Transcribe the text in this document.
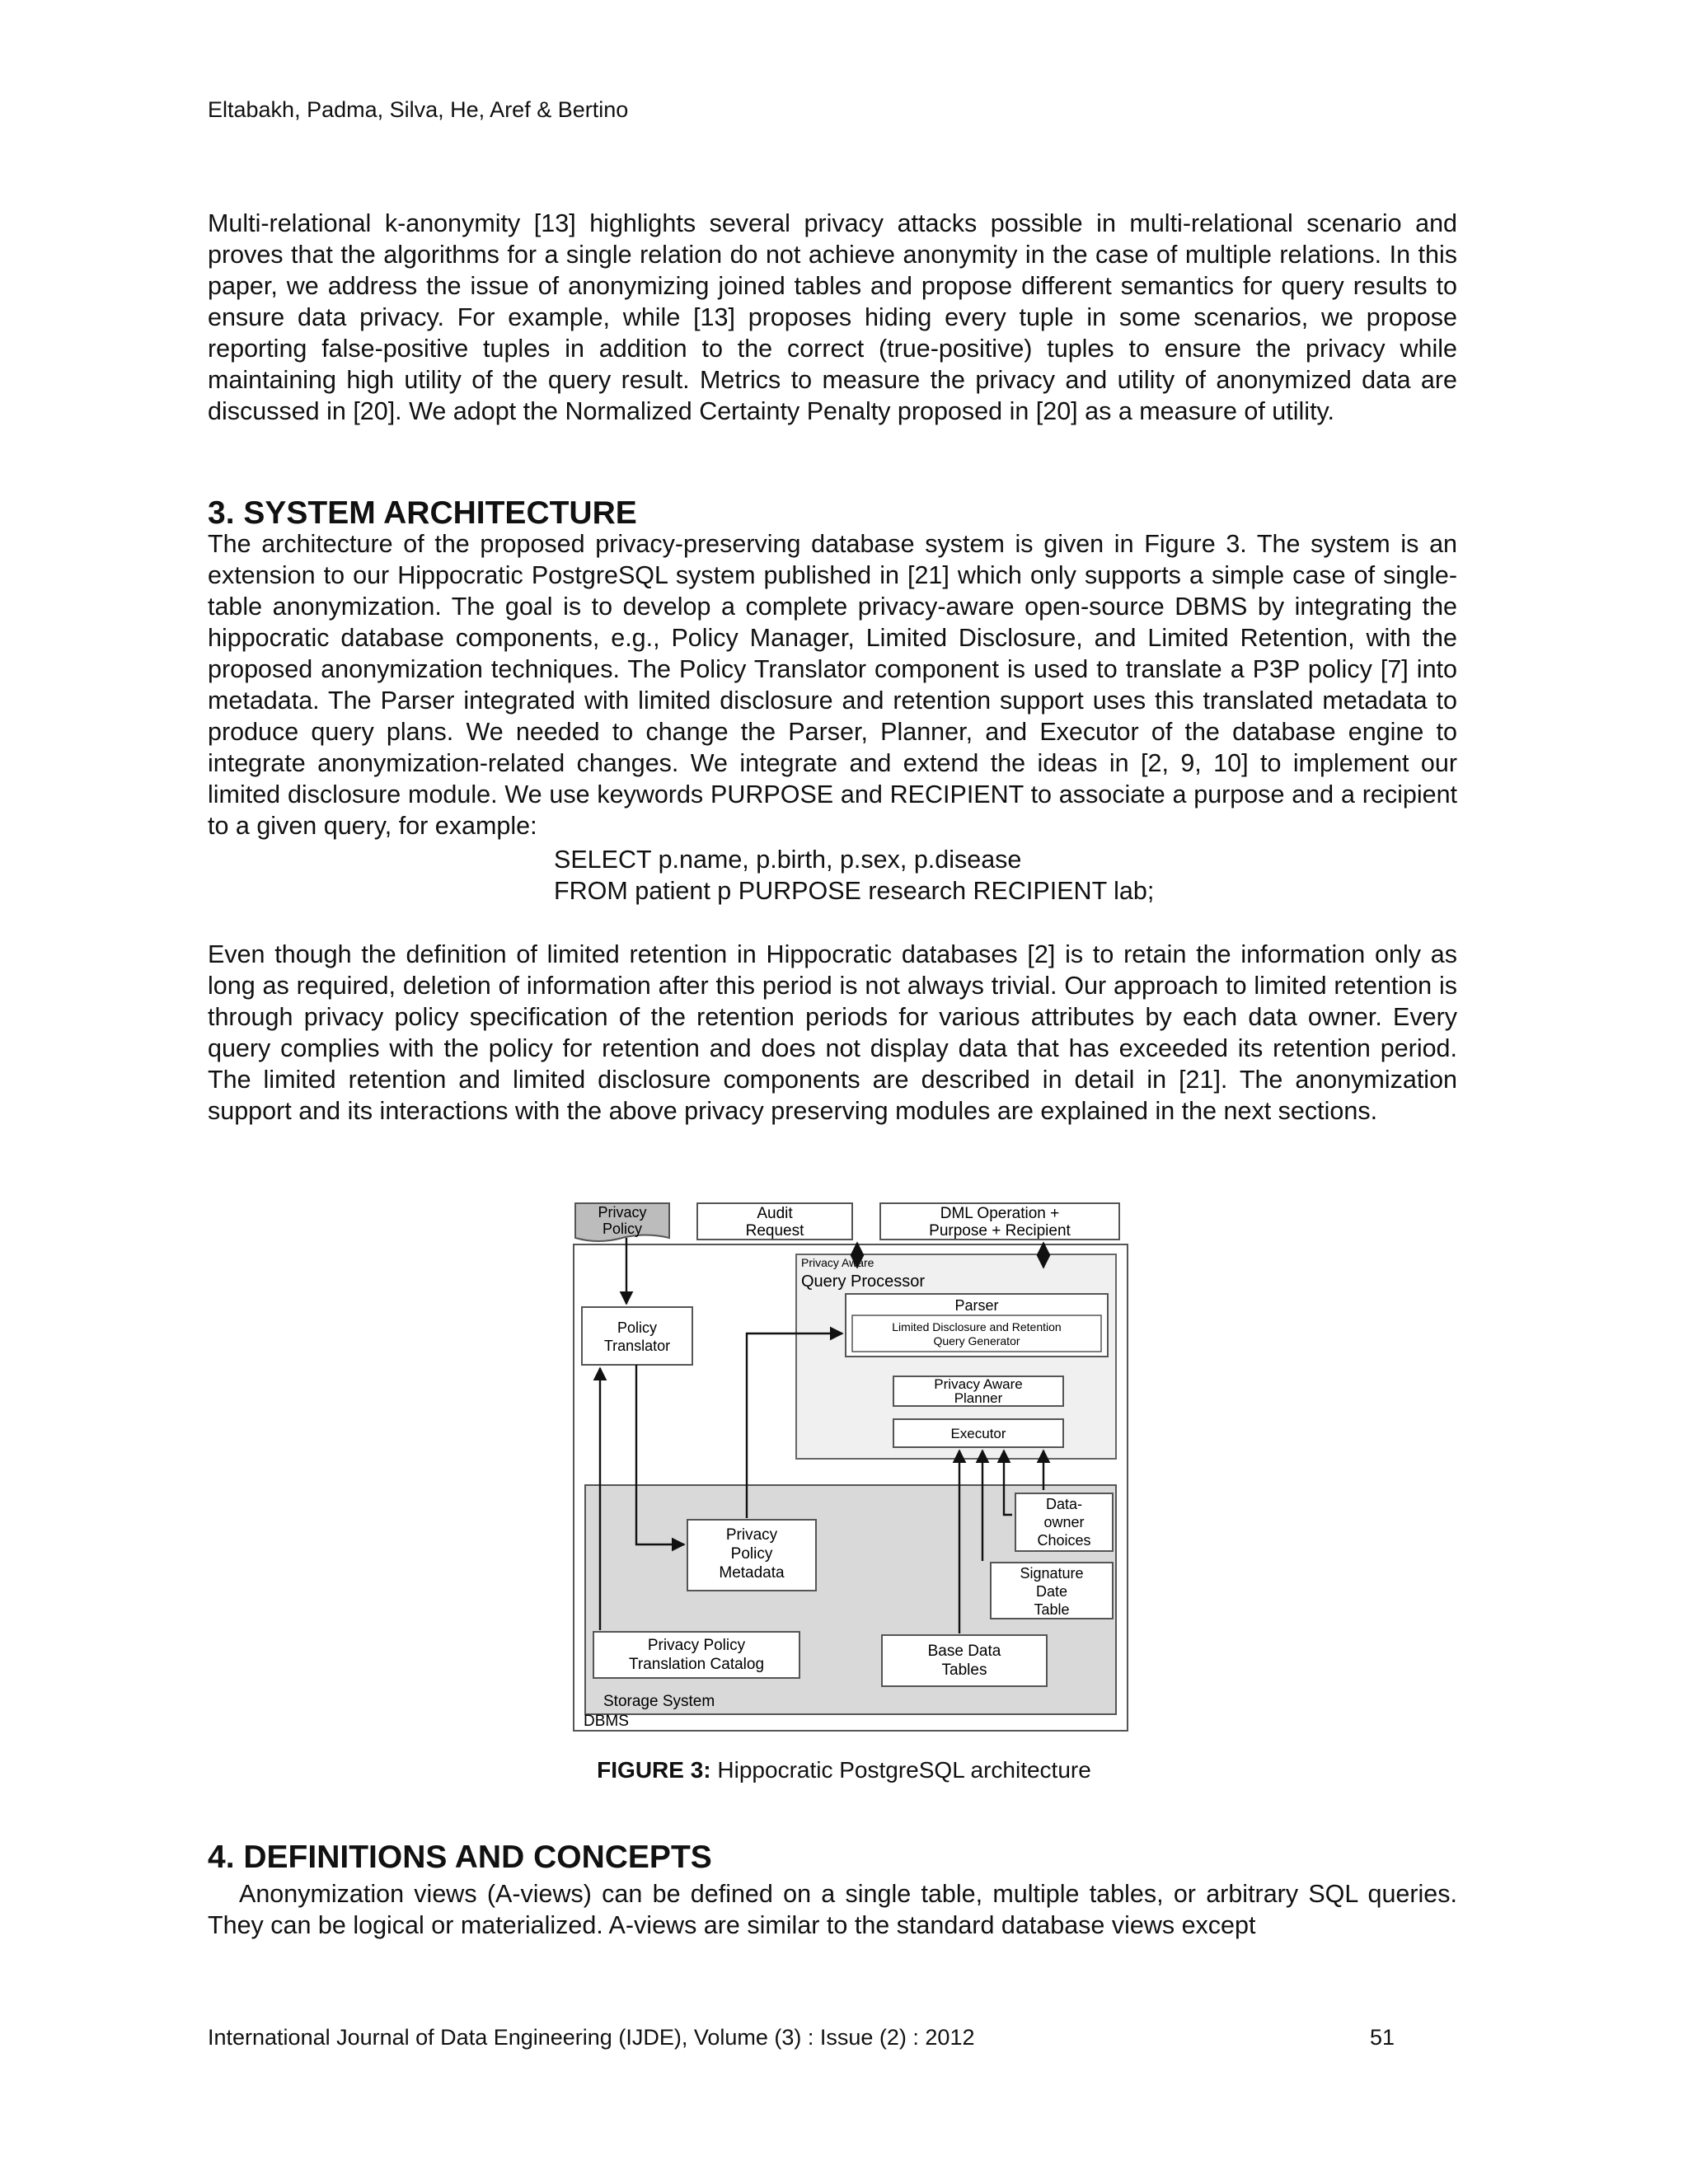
Eltabakh, Padma, Silva, He, Aref & Bertino

Multi-relational k-anonymity [13] highlights several privacy attacks possible in multi-relational scenario and proves that the algorithms for a single relation do not achieve anonymity in the case of multiple relations. In this paper, we address the issue of anonymizing joined tables and propose different semantics for query results to ensure data privacy. For example, while [13] proposes hiding every tuple in some scenarios, we propose reporting false-positive tuples in addition to the correct (true-positive) tuples to ensure the privacy while maintaining high utility of the query result. Metrics to measure the privacy and utility of anonymized data are discussed in [20]. We adopt the Normalized Certainty Penalty proposed in [20] as a measure of utility.

3. SYSTEM ARCHITECTURE

The architecture of the proposed privacy-preserving database system is given in Figure 3. The system is an extension to our Hippocratic PostgreSQL system published in [21] which only supports a simple case of single-table anonymization. The goal is to develop a complete privacy-aware open-source DBMS by integrating the hippocratic database components, e.g., Policy Manager, Limited Disclosure, and Limited Retention, with the proposed anonymization techniques. The Policy Translator component is used to translate a P3P policy [7] into metadata. The Parser integrated with limited disclosure and retention support uses this translated metadata to produce query plans. We needed to change the Parser, Planner, and Executor of the database engine to integrate anonymization-related changes. We integrate and extend the ideas in [2, 9, 10] to implement our limited disclosure module. We use keywords PURPOSE and RECIPIENT to associate a purpose and a recipient to a given query, for example:

SELECT p.name, p.birth, p.sex, p.disease
FROM patient p PURPOSE research RECIPIENT lab;

Even though the definition of limited retention in Hippocratic databases [2] is to retain the information only as long as required, deletion of information after this period is not always trivial. Our approach to limited retention is through privacy policy specification of the retention periods for various attributes by each data owner. Every query complies with the policy for retention and does not display data that has exceeded its retention period. The limited retention and limited disclosure components are described in detail in [21]. The anonymization support and its interactions with the above privacy preserving modules are explained in the next sections.

Privacy
Policy
Audit
Request
DML Operation +
Purpose + Recipient
Privacy Aware
Query Processor
Parser
Limited Disclosure and Retention
Query Generator
Privacy Aware
Planner
Executor
Policy
Translator
Data-
owner
Choices
Privacy
Policy
Metadata	Signature
Date
Table
Privacy Policy
Translation Catalog
Base Data
Tables
Storage System
DBMS
FIGURE 3: Hippocratic PostgreSQL architecture
4. DEFINITIONS AND CONCEPTS

Anonymization views (A-views) can be defined on a single table, multiple tables, or arbitrary SQL queries. They can be logical or materialized. A-views are similar to the standard database views except

International Journal of Data Engineering (IJDE), Volume (3) : Issue (2) : 2012	51
